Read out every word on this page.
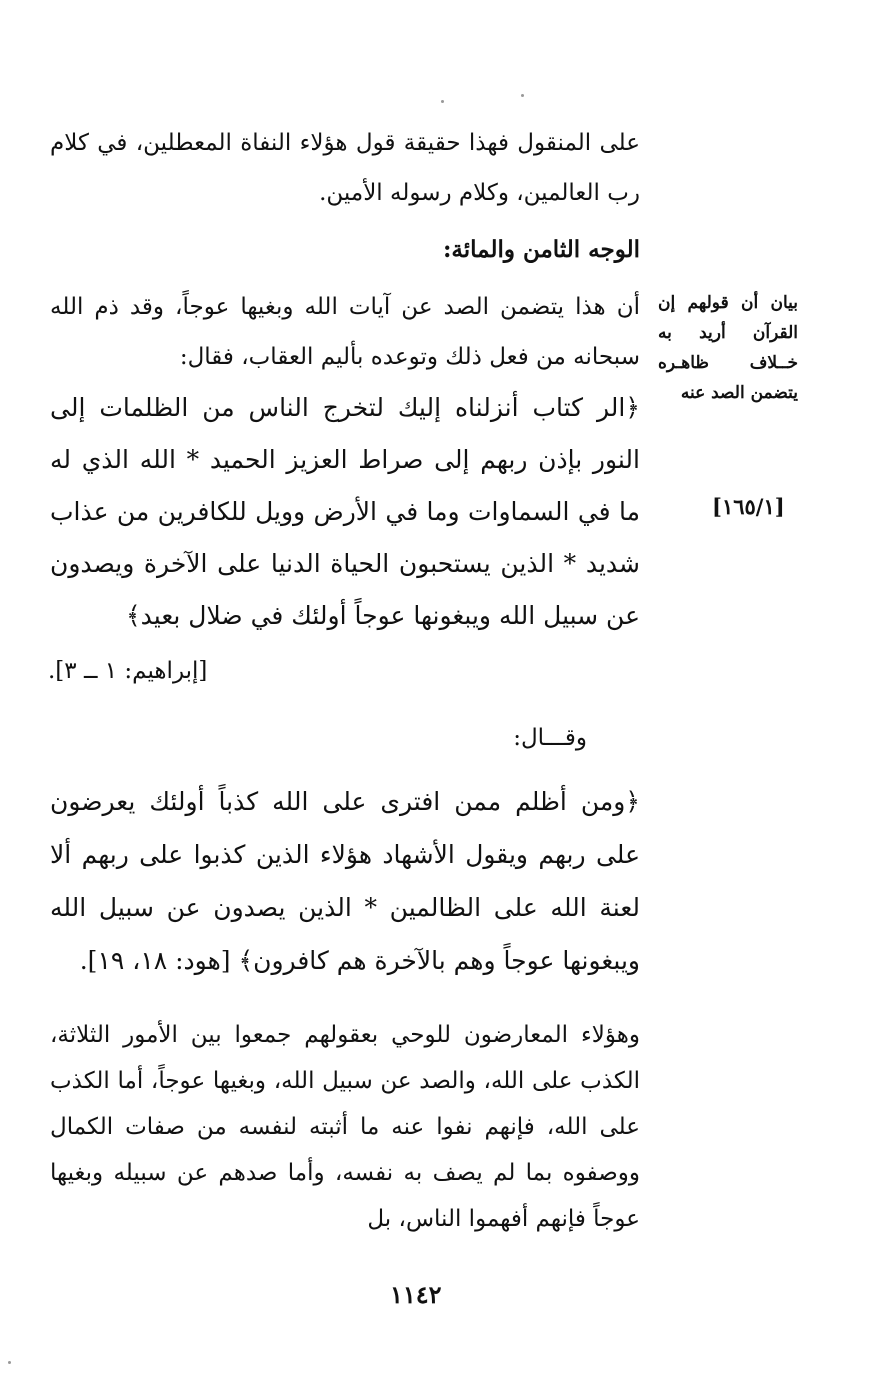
على المنقول فهذا حقيقة قول هؤلاء النفاة المعطلين، في كلام رب العالمين، وكلام رسوله الأمين.
الوجه الثامن والمائة:
أن هذا يتضمن الصد عن آيات الله وبغيها عوجاً، وقد ذم الله سبحانه من فعل ذلك وتوعده بأليم العقاب، فقال:
﴿الر كتاب أنزلناه إليك لتخرج الناس من الظلمات إلى النور بإذن ربهم إلى صراط العزيز الحميد * الله الذي له ما في السماوات وما في الأرض وويل للكافرين من عذاب شديد * الذين يستحبون الحياة الدنيا على الآخرة ويصدون عن سبيل الله ويبغونها عوجاً أولئك في ضلال بعيد﴾
[إبراهيم: ١ ــ ٣].
وقـــال:
﴿ومن أظلم ممن افترى على الله كذباً أولئك يعرضون على ربهم ويقول الأشهاد هؤلاء الذين كذبوا على ربهم ألا لعنة الله على الظالمين * الذين يصدون عن سبيل الله ويبغونها عوجاً وهم بالآخرة هم كافرون﴾ [هود: ١٨، ١٩].
وهؤلاء المعارضون للوحي بعقولهم جمعوا بين الأمور الثلاثة، الكذب على الله، والصد عن سبيل الله، وبغيها عوجاً، أما الكذب على الله، فإنهم نفوا عنه ما أثبته لنفسه من صفات الكمال ووصفوه بما لم يصف به نفسه، وأما صدهم عن سبيله وبغيها عوجاً فإنهم أفهموا الناس، بل
بيان أن قولهم إن القرآن أريد به خــلاف ظاهـره يتضمن الصد عنه
[١٦٥/١]
١١٤٢
